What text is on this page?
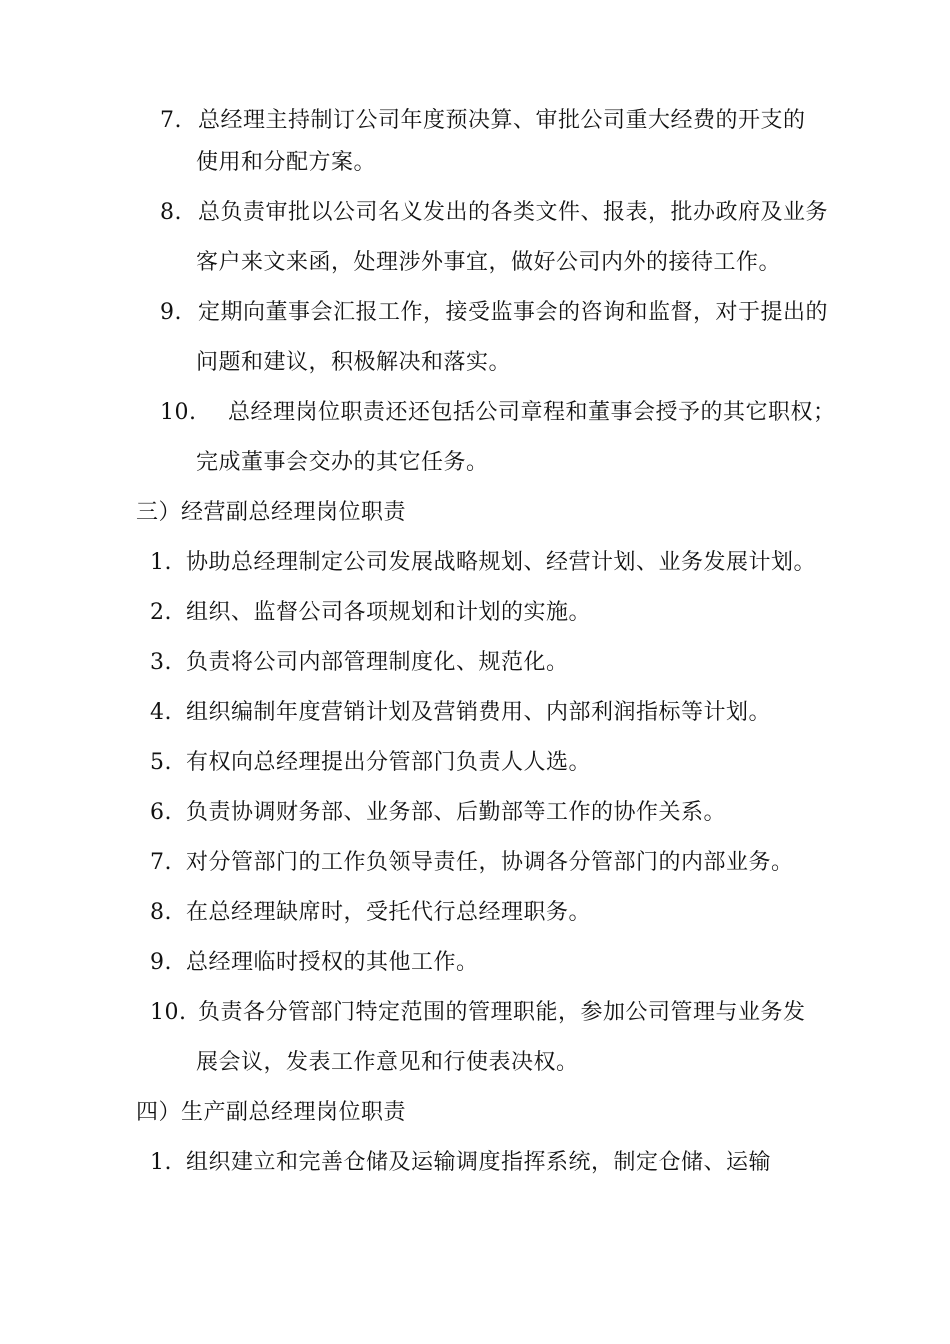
7. 总经理主持制订公司年度预决算、审批公司重大经费的开支的
使用和分配方案。
8. 总负责审批以公司名义发出的各类文件、报表，批办政府及业务
客户来文来函，处理涉外事宜，做好公司内外的接待工作。
9. 定期向董事会汇报工作，接受监事会的咨询和监督，对于提出的
问题和建议，积极解决和落实。
10. 总经理岗位职责还还包括公司章程和董事会授予的其它职权；
完成董事会交办的其它任务。
三）经营副总经理岗位职责
1. 协助总经理制定公司发展战略规划、经营计划、业务发展计划。
2. 组织、监督公司各项规划和计划的实施。
3. 负责将公司内部管理制度化、规范化。
4. 组织编制年度营销计划及营销费用、内部利润指标等计划。
5. 有权向总经理提出分管部门负责人人选。
6. 负责协调财务部、业务部、后勤部等工作的协作关系。
7. 对分管部门的工作负领导责任，协调各分管部门的内部业务。
8. 在总经理缺席时，受托代行总经理职务。
9. 总经理临时授权的其他工作。
10. 负责各分管部门特定范围的管理职能，参加公司管理与业务发
展会议，发表工作意见和行使表决权。
四）生产副总经理岗位职责
1. 组织建立和完善仓储及运输调度指挥系统，制定仓储、运输
